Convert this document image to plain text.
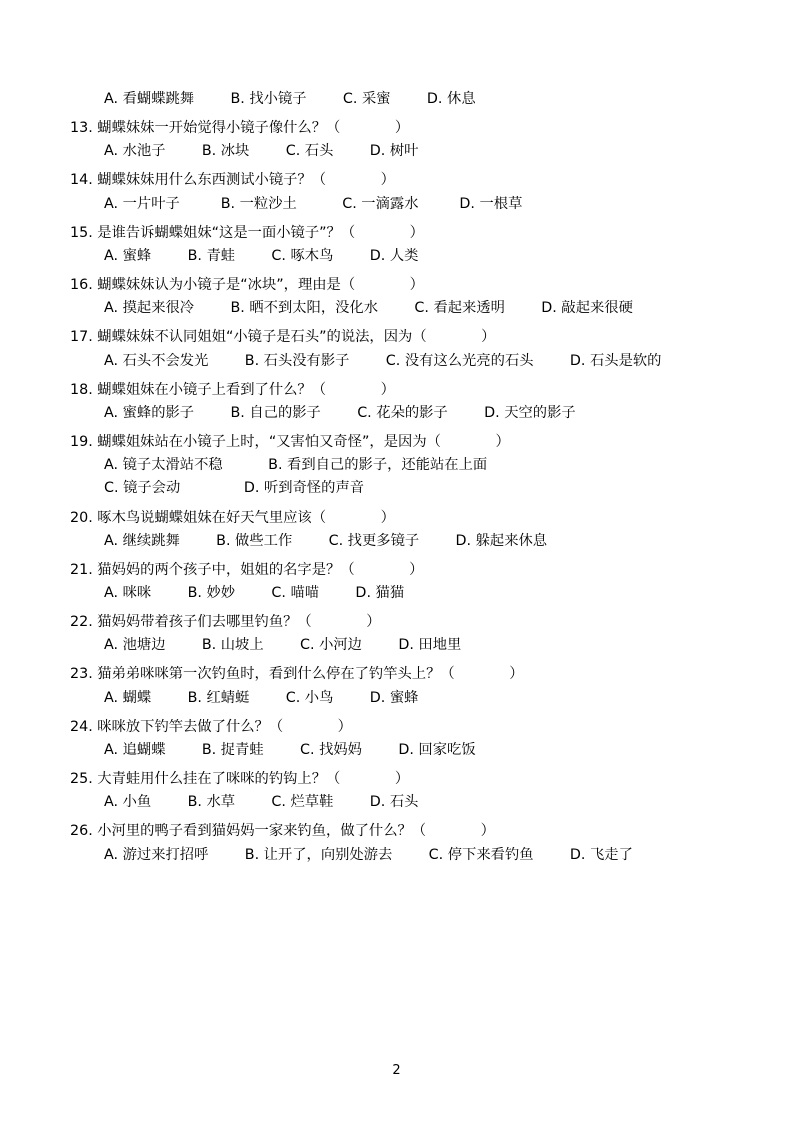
A. 看蝴蝶跳舞        B. 找小镜子        C. 采蜜        D. 休息
13. 蝴蝶妹妹一开始觉得小镜子像什么？（            ）
A. 水池子        B. 冰块        C. 石头        D. 树叶
14. 蝴蝶妹妹用什么东西测试小镜子？（            ）
A. 一片叶子         B. 一粒沙土          C. 一滴露水         D. 一根草
15. 是谁告诉蝴蝶姐妹“这是一面小镜子”？（            ）
A. 蜜蜂        B. 青蛙        C. 啄木鸟        D. 人类
16. 蝴蝶妹妹认为小镜子是“冰块”，理由是（            ）
A. 摸起来很冷        B. 晒不到太阳，没化水        C. 看起来透明        D. 敲起来很硬
17. 蝴蝶妹妹不认同姐姐“小镜子是石头”的说法，因为（            ）
A. 石头不会发光        B. 石头没有影子        C. 没有这么光亮的石头        D. 石头是软的
18. 蝴蝶姐妹在小镜子上看到了什么？（            ）
A. 蜜蜂的影子        B. 自己的影子        C. 花朵的影子        D. 天空的影子
19. 蝴蝶姐妹站在小镜子上时，“又害怕又奇怪”，是因为（            ）
A. 镜子太滑站不稳          B. 看到自己的影子，还能站在上面
C. 镜子会动              D. 听到奇怪的声音
20. 啄木鸟说蝴蝶姐妹在好天气里应该（            ）
A. 继续跳舞        B. 做些工作        C. 找更多镜子        D. 躲起来休息
21. 猫妈妈的两个孩子中，姐姐的名字是？（            ）
A. 咪咪        B. 妙妙        C. 喵喵        D. 猫猫
22. 猫妈妈带着孩子们去哪里钓鱼？（            ）
A. 池塘边        B. 山坡上        C. 小河边        D. 田地里
23. 猫弟弟咪咪第一次钓鱼时，看到什么停在了钓竿头上？（            ）
A. 蝴蝶        B. 红蜻蜓        C. 小鸟        D. 蜜蜂
24. 咪咪放下钓竿去做了什么？（            ）
A. 追蝴蝶        B. 捉青蛙        C. 找妈妈        D. 回家吃饭
25. 大青蛙用什么挂在了咪咪的钓钩上？（            ）
A. 小鱼        B. 水草        C. 烂草鞋        D. 石头
26. 小河里的鸭子看到猫妈妈一家来钓鱼，做了什么？（            ）
A. 游过来打招呼        B. 让开了，向别处游去        C. 停下来看钓鱼        D. 飞走了
2
